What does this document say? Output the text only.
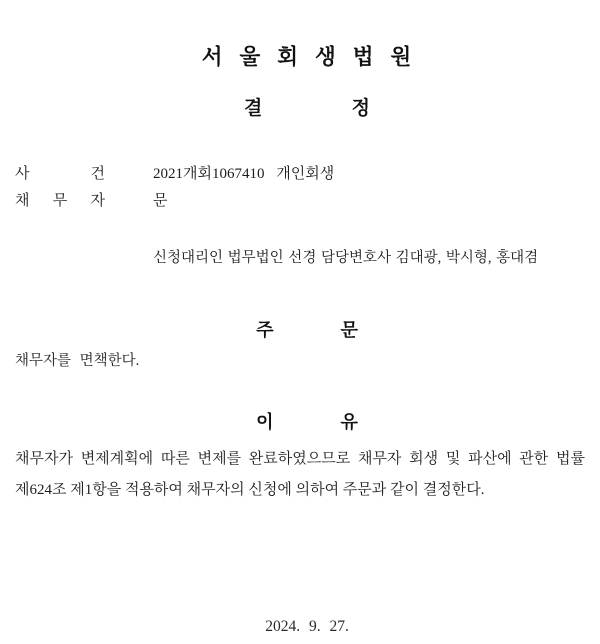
서 울 회 생 법 원
결 정
사 건	2021개회1067410 개인회생
채 무 자	문
신청대리인 법무법인 선경 담당변호사 김대광, 박시형, 홍대겸
주 문
채무자를 면책한다.
이 유
채무자가 변제계획에 따른 변제를 완료하였으므로 채무자 회생 및 파산에 관한 법률
제624조 제1항을 적용하여 채무자의 신청에 의하여 주문과 같이 결정한다.
2024. 9. 27.
